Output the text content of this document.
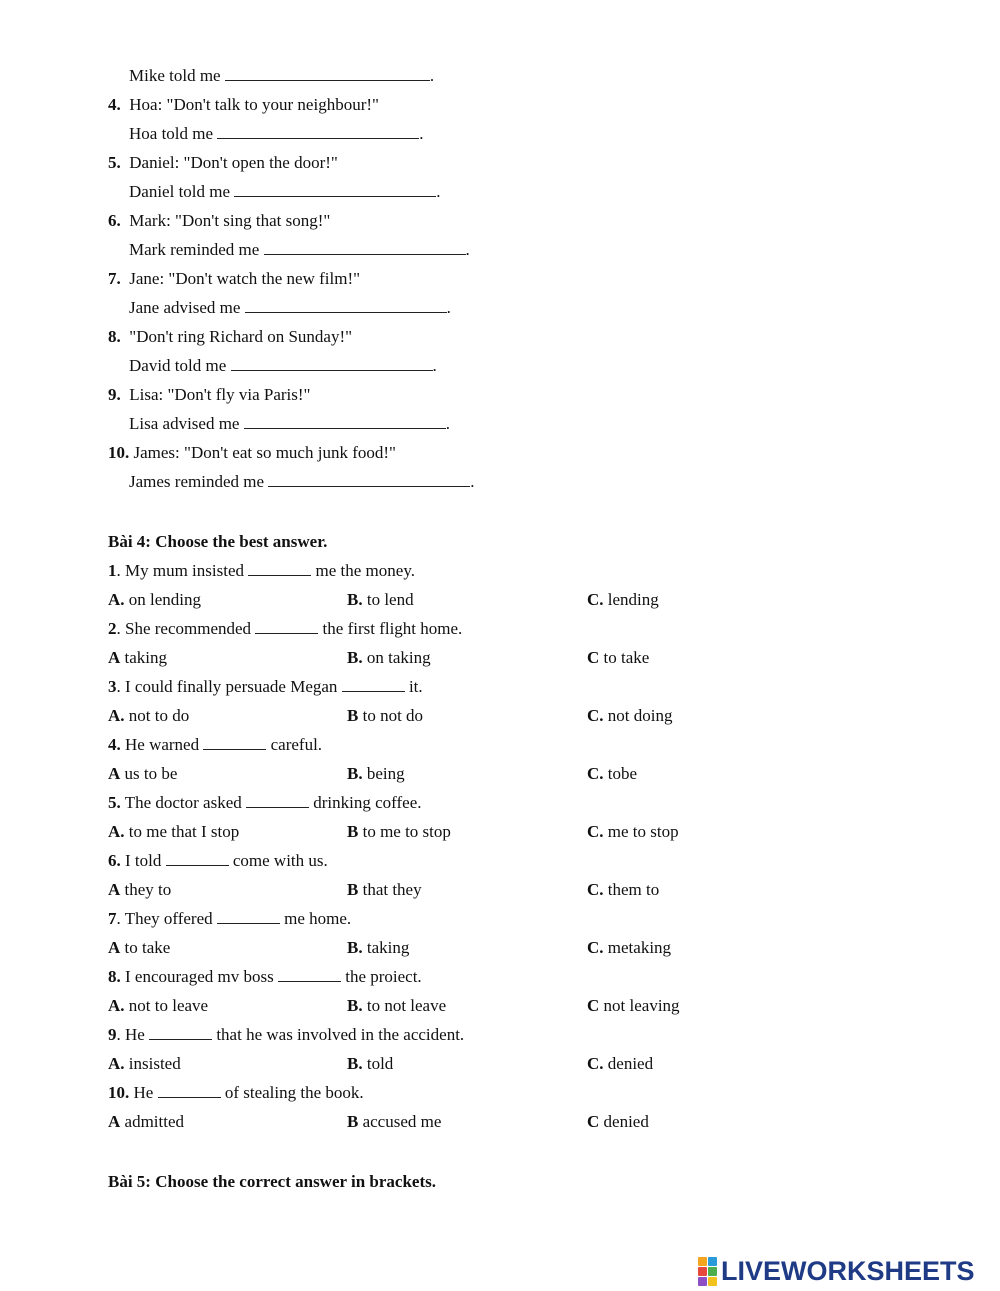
Mike told me	.
4. Hoa: "Don't talk to your neighbour!"
Hoa told me	.
5. Daniel: "Don't open the door!"
Daniel told me	.
6. Mark: "Don't sing that song!"
Mark reminded me	.
7. Jane: "Don't watch the new film!"
Jane advised me	.
8. "Don't ring Richard on Sunday!"
David told me	.
9. Lisa: "Don't fly via Paris!"
Lisa advised me	.
10. James: "Don't eat so much junk food!"
James reminded me	.
Bài 4: Choose the best answer.
1. My mum insisted	me the money.
A. on lending	B. to lend	C. lending
2. She recommended	the first flight home.
A taking	B. on taking	C to take
3. I could finally persuade Megan	it.
A. not to do	B to not do	C. not doing
4. He warned	careful.
A us to be	B. being	C. tobe
5. The doctor asked	drinking coffee.
A. to me that I stop	B to me to stop	C. me to stop
6. I told	come with us.
A they to	B that they	C. them to
7. They offered	me home.
A to take	B. taking	C. metaking
8. I encouraged mv boss	the proiect.
A. not to leave	B. to not leave	C not leaving
9. He	that he was involved in the accident.
A. insisted	B. told	C. denied
10. He	of stealing the book.
A admitted	B accused me	C denied
Bài 5: Choose the correct answer in brackets.
LIVEWORKSHEETS
